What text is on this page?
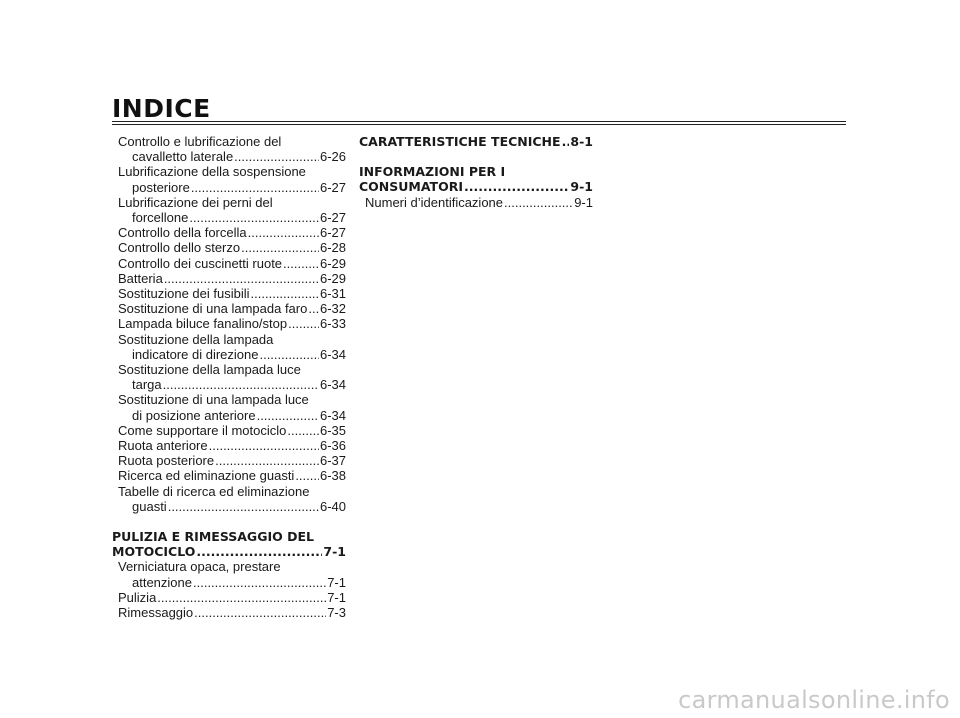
INDICE
Controllo e lubrificazione del
cavalletto laterale .....	6-26
Lubrificazione della sospensione
posteriore .....	6-27
Lubrificazione dei perni del
forcellone .....	6-27
Controllo della forcella .....	6-27
Controllo dello sterzo .....	6-28
Controllo dei cuscinetti ruote .....	6-29
Batteria .....	6-29
Sostituzione dei fusibili .....	6-31
Sostituzione di una lampada faro ..... 6-32
Lampada biluce fanalino/stop .....	6-33
Sostituzione della lampada
indicatore di direzione .....	6-34
Sostituzione della lampada luce
targa .....	6-34
Sostituzione di una lampada luce
di posizione anteriore .....	6-34
Come supportare il motociclo .....	6-35
Ruota anteriore .....	6-36
Ruota posteriore .....	6-37
Ricerca ed eliminazione guasti ..... 6-38
Tabelle di ricerca ed eliminazione
guasti .....	6-40
PULIZIA E RIMESSAGGIO DEL
MOTOCICLO .....	7-1
Verniciatura opaca, prestare
attenzione .....	7-1
Pulizia .....	7-1
Rimessaggio .....	7-3
CARATTERISTICHE TECNICHE ..... 8-1
INFORMAZIONI PER I
CONSUMATORI .....	9-1
Numeri d’identificazione .....	9-1
carmanualsonline.info
